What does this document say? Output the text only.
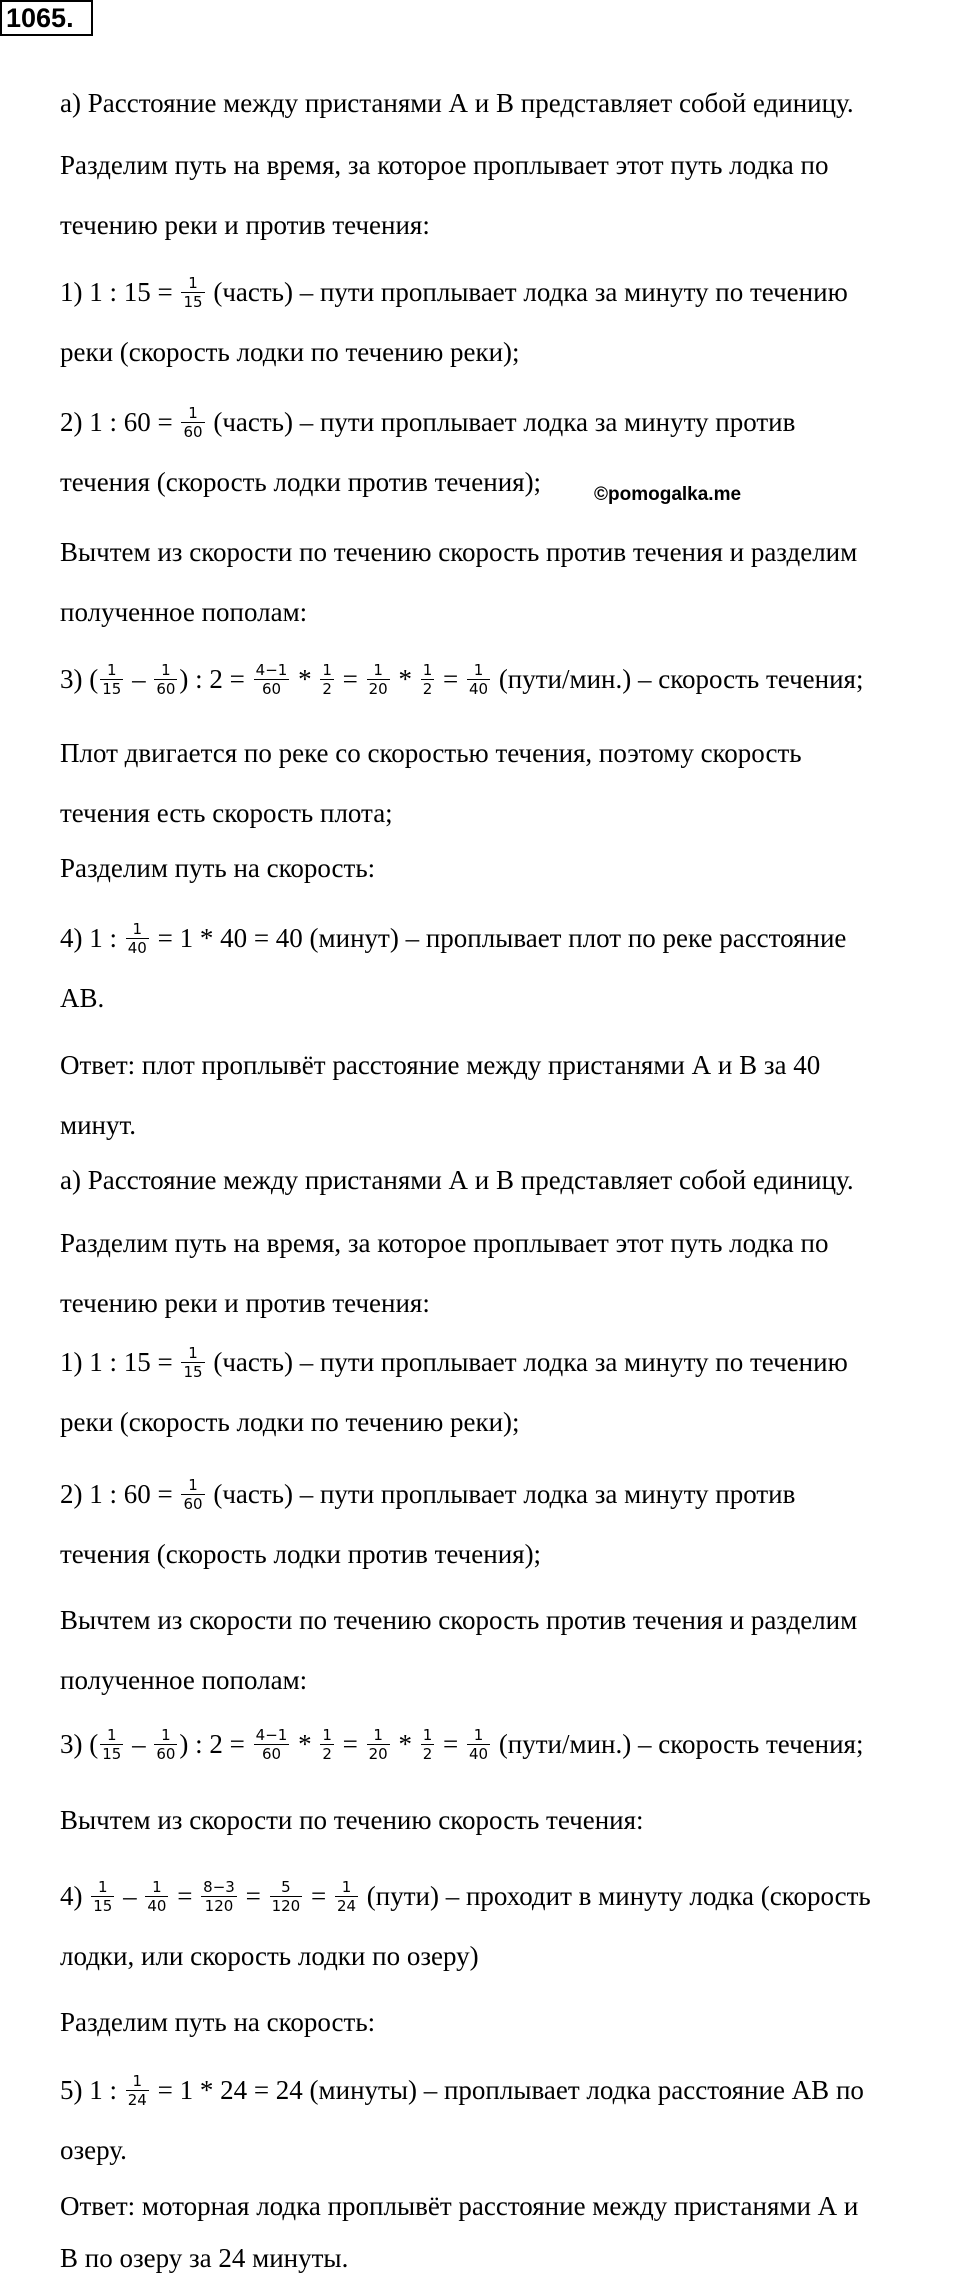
1065.
©pomogalka.me
а) Расстояние между пристанями А и В представляет собой единицу.
Разделим путь на время, за которое проплывает этот путь лодка по
течению реки и против течения:
1) 1 : $15 = \frac{1}{15}$ (часть) – пути проплывает лодка за минуту по течению
реки (скорость лодки по течению реки);
2) 1 : $60 = \frac{1}{60}$ (часть) – пути проплывает лодка за минуту против
течения (скорость лодки против течения);
Вычтем из скорости по течению скорость против течения и разделим
полученное пополам:
3) ( $\frac{1}{15} - \frac{1}{60}$ ) : $2 = \frac{4-1}{60} * \frac{1}{2} = \frac{1}{20} * \frac{1}{2} = \frac{1}{40}$ (пути/мин.) – скорость течения;
Плот двигается по реке со скоростью течения, поэтому скорость
течения есть скорость плота;
Разделим путь на скорость:
4) 1 : $\frac{1}{40} = 1 * 40 = 40$ (минут) – проплывает плот по реке расстояние
АВ.
Ответ: плот проплывёт расстояние между пристанями А и В за 40
минут.
а) Расстояние между пристанями А и В представляет собой единицу.
Разделим путь на время, за которое проплывает этот путь лодка по
течению реки и против течения:
1) 1 : $15 = \frac{1}{15}$ (часть) – пути проплывает лодка за минуту по течению
реки (скорость лодки по течению реки);
2) 1 : $60 = \frac{1}{60}$ (часть) – пути проплывает лодка за минуту против
течения (скорость лодки против течения);
Вычтем из скорости по течению скорость против течения и разделим
полученное пополам:
3) ( $\frac{1}{15} - \frac{1}{60}$ ) : $2 = \frac{4-1}{60} * \frac{1}{2} = \frac{1}{20} * \frac{1}{2} = \frac{1}{40}$ (пути/мин.) – скорость течения;
Вычтем из скорости по течению скорость течения:
$4) \frac{1}{15} - \frac{1}{40} = \frac{8-3}{120} = \frac{5}{120} = \frac{1}{24}$ (пути) – проходит в минуту лодка (скорость
лодки, или скорость лодки по озеру)
Разделим путь на скорость:
5) 1 : $\frac{1}{24} = 1 * 24 = 24$ (минуты) – проплывает лодка расстояние АВ по
озеру.
Ответ: моторная лодка проплывёт расстояние между пристанями А и
В по озеру за 24 минуты.
